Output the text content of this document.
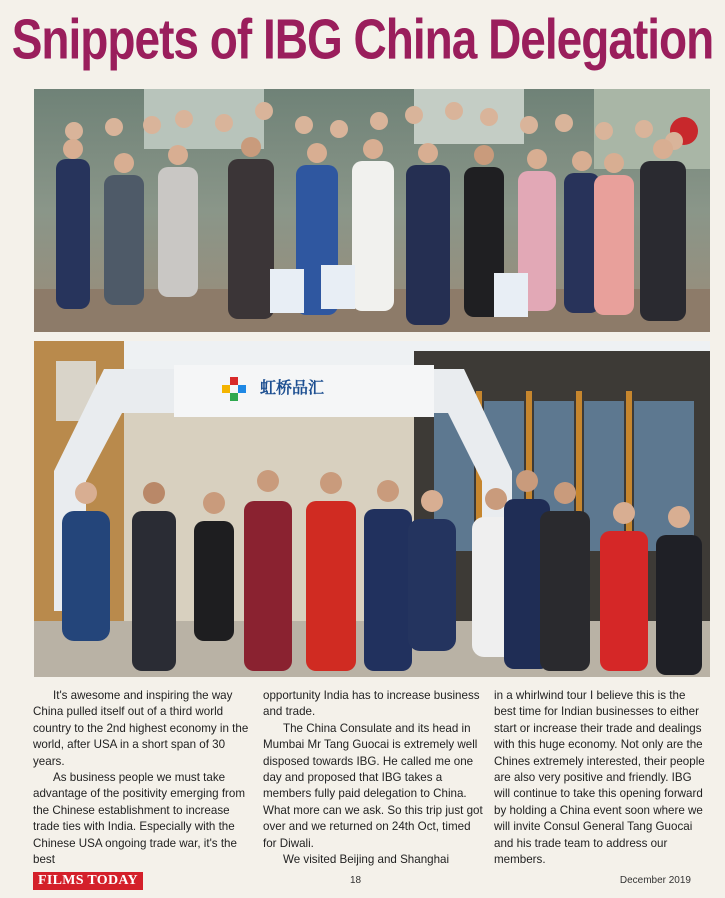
Snippets of IBG China Delegation
虹桥品汇

It's awesome and inspiring the way China pulled itself out of a third world country to the 2nd highest economy in the world, after USA in a short span of 30 years.

As business people we must take advantage of the positivity emerging from the Chinese establishment to increase trade ties with India. Especially with the Chinese USA ongoing trade war, it's the best

opportunity India has to increase business and trade.

The China Consulate and its head in Mumbai Mr Tang Guocai is extremely well disposed towards IBG. He called me one day and proposed that IBG takes a members fully paid delegation to China. What more can we ask. So this trip just got over and we returned on 24th Oct, timed for Diwali.

We visited Beijing and Shanghai

in a whirlwind tour I believe this is the best time for Indian businesses to either start or increase their trade and dealings with this huge economy. Not only are the Chines extremely interested, their people are also very positive and friendly. IBG will continue to take this opening forward by holding a China event soon where we will invite Consul General Tang Guocai and his trade team to address our members.

FILMS TODAY	18	December 2019
